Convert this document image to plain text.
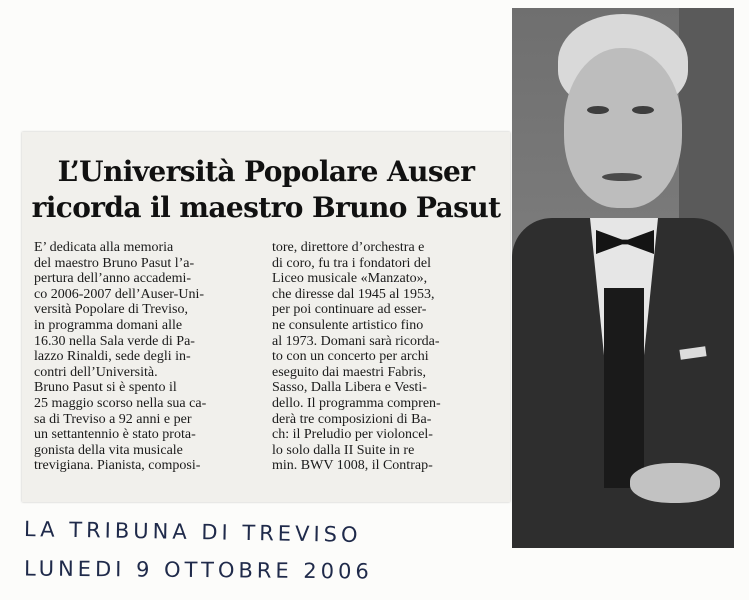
L’Università Popolare Auser
ricorda il maestro Bruno Pasut
E’ dedicata alla memoria
del maestro Bruno Pasut l’a-
pertura dell’anno accademi-
co 2006-2007 dell’Auser-Uni-
versità Popolare di Treviso,
in programma domani alle
16.30 nella Sala verde di Pa-
lazzo Rinaldi, sede degli in-
contri dell’Università.
Bruno Pasut si è spento il
25 maggio scorso nella sua ca-
sa di Treviso a 92 anni e per
un settantennio è stato prota-
gonista della vita musicale
trevigiana. Pianista, composi-
tore, direttore d’orchestra e
di coro, fu tra i fondatori del
Liceo musicale «Manzato»,
che diresse dal 1945 al 1953,
per poi continuare ad esser-
ne consulente artistico fino
al 1973. Domani sarà ricorda-
to con un concerto per archi
eseguito dai maestri Fabris,
Sasso, Dalla Libera e Vesti-
dello. Il programma compren-
derà tre composizioni di Ba-
ch: il Preludio per violoncel-
lo solo dalla II Suite in re
min. BWV 1008, il Contrap-
LA TRIBUNA DI TREVISO
LUNEDI 9 OTTOBRE 2006
